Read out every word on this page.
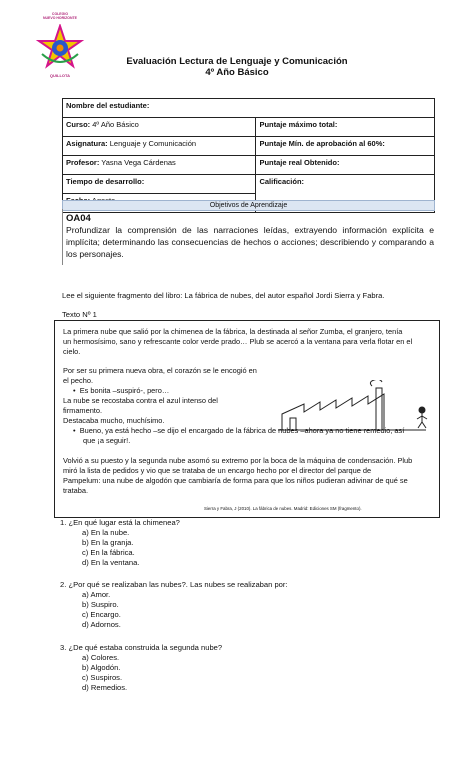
COLEGIO
NUEVO HORIZONTE
QUILLOTA
Evaluación Lectura de Lenguaje y Comunicación
4º Año Básico
Nombre del estudiante:	
Curso: 4º Año Básico	Puntaje máximo total:
Asignatura: Lenguaje y Comunicación	Puntaje Mín. de aprobación al 60%:
Profesor: Yasna Vega Cárdenas	Puntaje real Obtenido:
Tiempo de desarrollo:	Calificación:

Objetivos de Aprendizaje
OA04
Profundizar la comprensión de las narraciones leídas, extrayendo información explícita e implícita; determinando las consecuencias de hechos o acciones; describiendo y comparando a los personajes.
Lee el siguiente fragmento del libro: La fábrica de nubes, del autor español Jordi Sierra y Fabra.
Texto Nº 1
La primera nube que salió por la chimenea de la fábrica, la destinada al señor Zumba, el granjero, tenía
un hermosísimo, sano y refrescante color verde prado… Plub se acercó a la ventana para verla flotar en el
cielo.
Por ser su primera nueva obra, el corazón se le encogió en
el pecho.
•  Es bonita –suspiró-, pero…
La nube se recostaba contra el azul intenso del
firmamento.
Destacaba mucho, muchísimo.
•  Bueno, ya está hecho –se dijo el encargado de la fábrica de nubes –ahora ya no tiene remedio, así
que ¡a seguir!.
Volvió a su puesto y la segunda nube asomó su extremo por la boca de la máquina de condensación. Plub
miró la lista de pedidos y vio que se trataba de un encargo hecho por el director del parque de
Pampelum: una nube de algodón que cambiaría de forma para que los niños pudieran adivinar de qué se
trataba.
Sierra y Fabra, J (2010). La fábrica de nubes. Madrid: Ediciones SM (fragmento).
1. ¿En qué lugar está la chimenea?
a) En la nube.
b) En la granja.
c) En la fábrica.
d) En la ventana.
2. ¿Por qué se realizaban las nubes?. Las nubes se realizaban por:
a) Amor.
b) Suspiro.
c) Encargo.
d) Adornos.
3. ¿De qué estaba construida la segunda nube?
a) Colores.
b) Algodón.
c) Suspiros.
d) Remedios.
